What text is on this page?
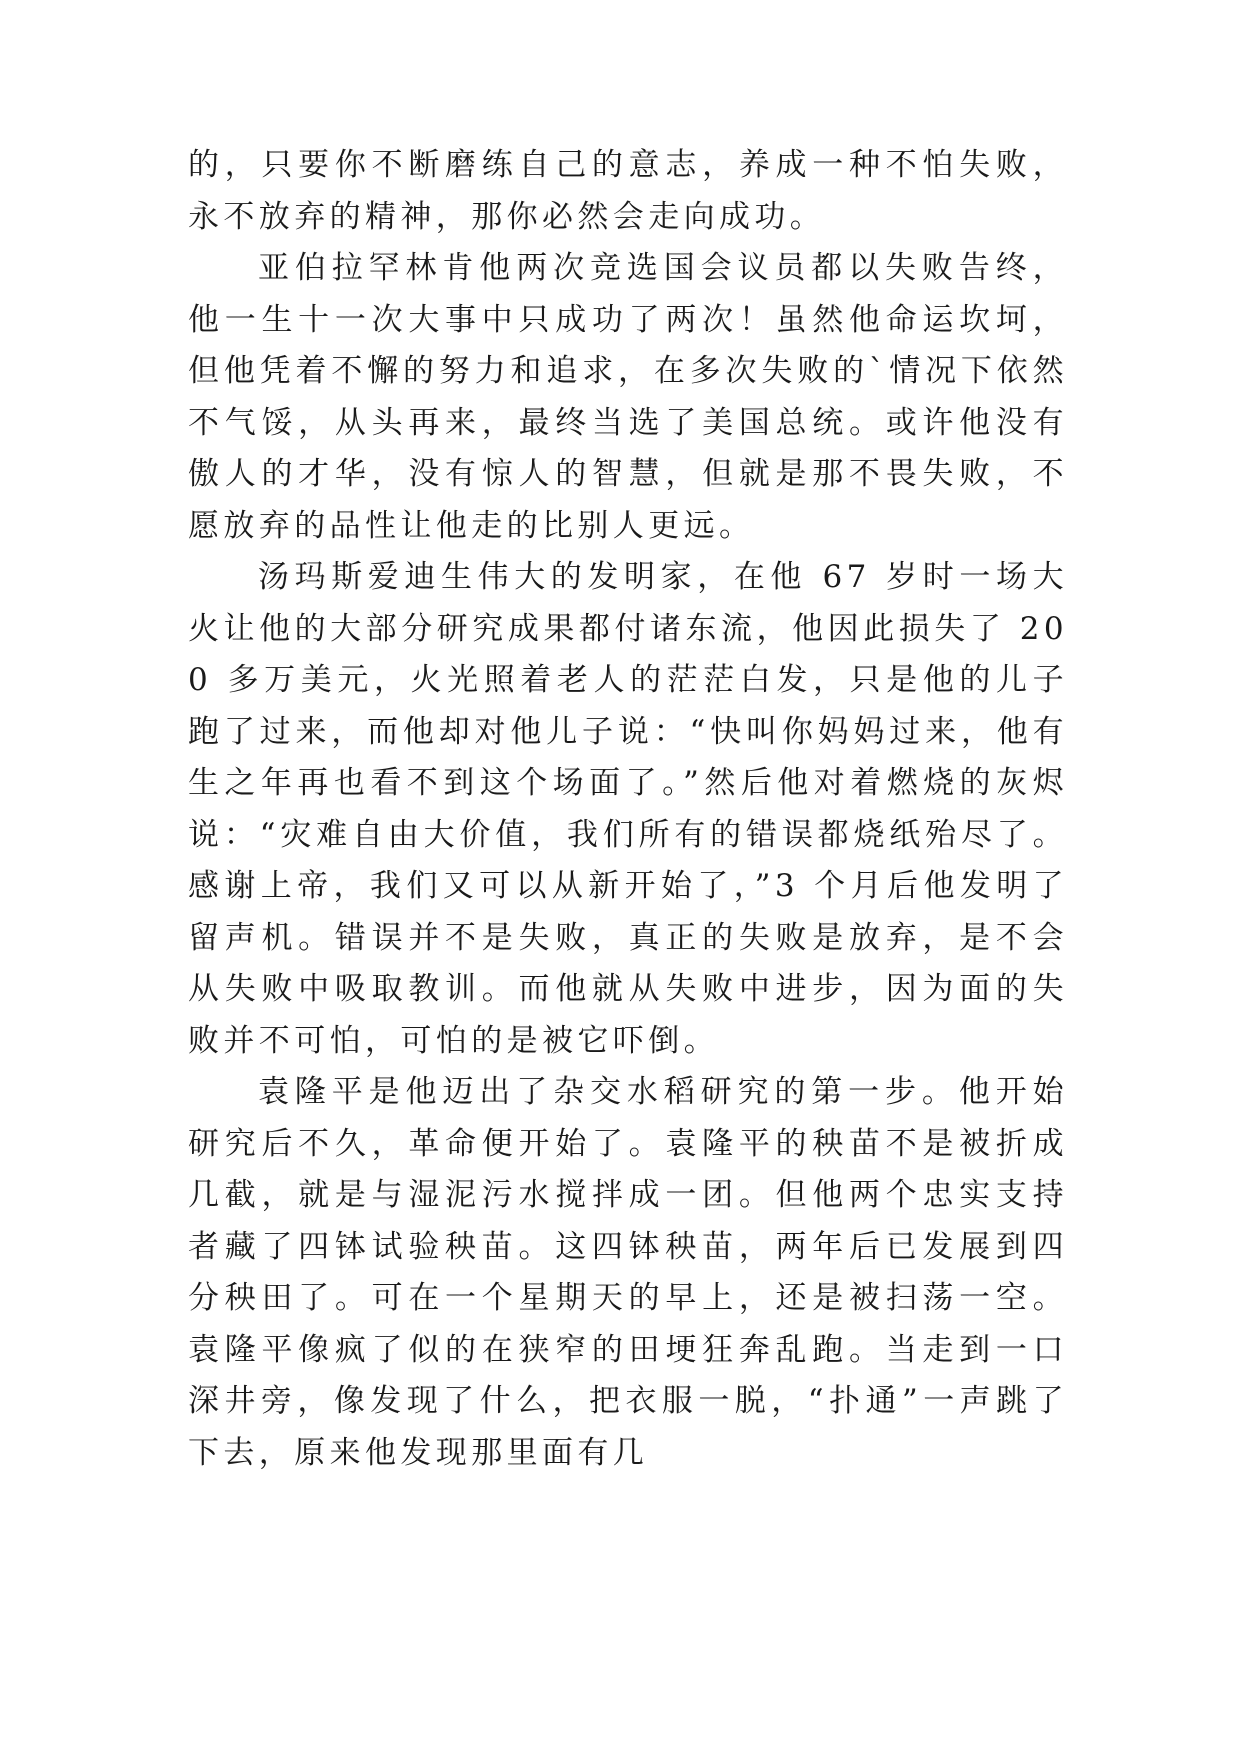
的，只要你不断磨练自己的意志，养成一种不怕失败，永不放弃的精神，那你必然会走向成功。

亚伯拉罕林肯他两次竞选国会议员都以失败告终，他一生十一次大事中只成功了两次！虽然他命运坎坷，但他凭着不懈的努力和追求，在多次失败的`情况下依然不气馁，从头再来，最终当选了美国总统。或许他没有傲人的才华，没有惊人的智慧，但就是那不畏失败，不愿放弃的品性让他走的比别人更远。

汤玛斯爱迪生伟大的发明家，在他 67 岁时一场大火让他的大部分研究成果都付诸东流，他因此损失了 200 多万美元，火光照着老人的茫茫白发，只是他的儿子跑了过来，而他却对他儿子说：“快叫你妈妈过来，他有生之年再也看不到这个场面了。”然后他对着燃烧的灰烬说：“灾难自由大价值，我们所有的错误都烧纸殆尽了。感谢上帝，我们又可以从新开始了，”3 个月后他发明了留声机。错误并不是失败，真正的失败是放弃，是不会从失败中吸取教训。而他就从失败中进步，因为面的失败并不可怕，可怕的是被它吓倒。

袁隆平是他迈出了杂交水稻研究的第一步。他开始研究后不久，革命便开始了。袁隆平的秧苗不是被折成几截，就是与湿泥污水搅拌成一团。但他两个忠实支持者藏了四钵试验秧苗。这四钵秧苗，两年后已发展到四分秧田了。可在一个星期天的早上，还是被扫荡一空。袁隆平像疯了似的在狭窄的田埂狂奔乱跑。当走到一口深井旁，像发现了什么，把衣服一脱，“扑通”一声跳了下去，原来他发现那里面有几
